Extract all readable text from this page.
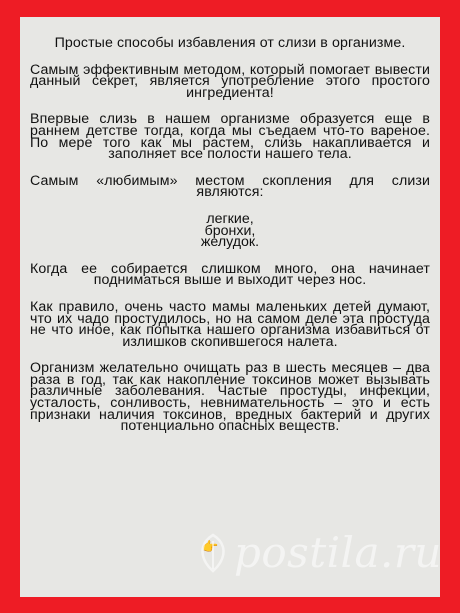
Простые способы избавления от слизи в организме.

Самым эффективным методом, который помогает вывести данный секрет, является употребление этого простого ингредиента!

Впервые слизь в нашем организме образуется еще в раннем детстве тогда, когда мы съедаем что-то вареное. По мере того как мы растем, слизь накапливается и заполняет все полости нашего тела.

Самым «любимым» местом скопления для слизи являются:

легкие,
бронхи,
желудок.

Когда ее собирается слишком много, она начинает подниматься выше и выходит через нос.

Как правило, очень часто мамы маленьких детей думают, что их чадо простудилось, но на самом деле эта простуда не что иное, как попытка нашего организма избавиться от излишков скопившегося налета.

Организм желательно очищать раз в шесть месяцев – два раза в год, так как накопление токсинов может вызывать различные заболевания. Частые простуды, инфекции, усталость, сонливость, невнимательность – это и есть признаки наличия токсинов, вредных бактерий и других потенциально опасных веществ.

👉 postila.ru
